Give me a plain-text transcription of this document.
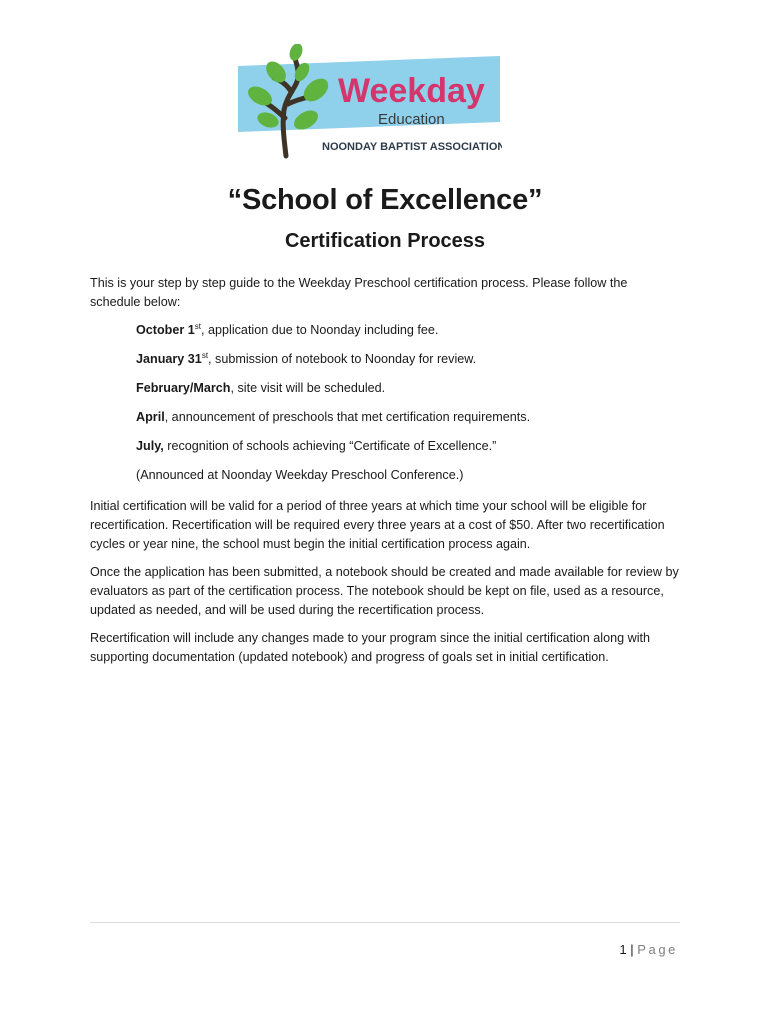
Weekday
Education
NOONDAY BAPTIST ASSOCIATION
“School of Excellence”
Certification Process

This is your step by step guide to the Weekday Preschool certification process. Please follow the schedule below:

October 1st, application due to Noonday including fee.
January 31st, submission of notebook to Noonday for review.
February/March, site visit will be scheduled.
April, announcement of preschools that met certification requirements.
July, recognition of schools achieving “Certificate of Excellence.”
(Announced at Noonday Weekday Preschool Conference.)

Initial certification will be valid for a period of three years at which time your school will be eligible for recertification. Recertification will be required every three years at a cost of $50. After two recertification cycles or year nine, the school must begin the initial certification process again.

Once the application has been submitted, a notebook should be created and made available for review by evaluators as part of the certification process. The notebook should be kept on file, used as a resource, updated as needed, and will be used during the recertification process.

Recertification will include any changes made to your program since the initial certification along with supporting documentation (updated notebook) and progress of goals set in initial certification.

1 | Page
